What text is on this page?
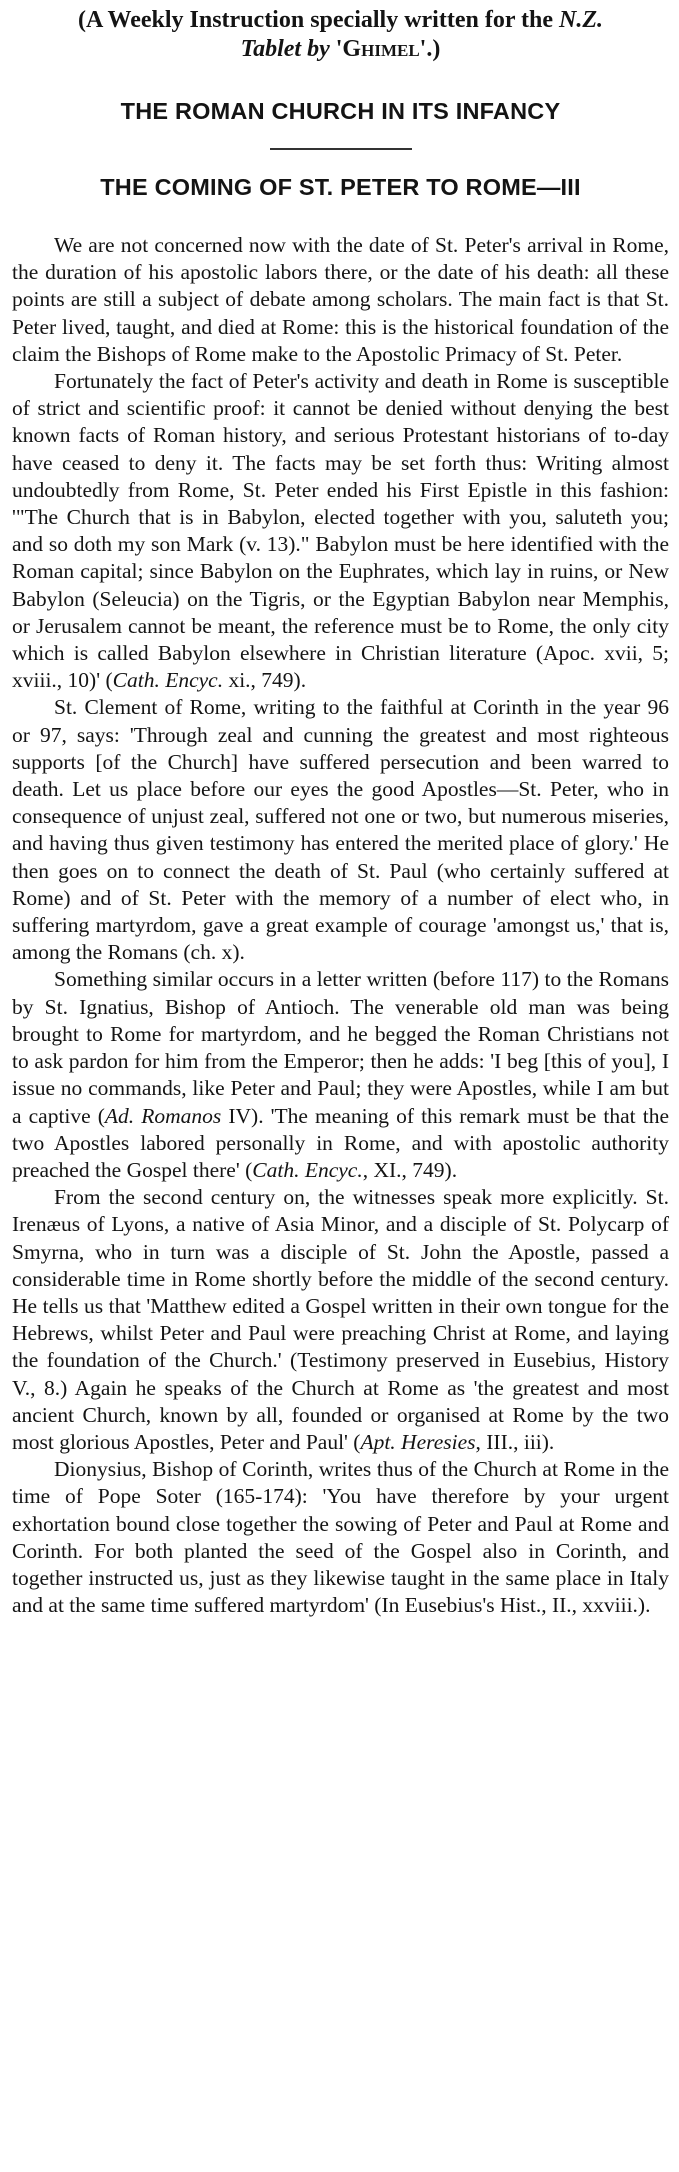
(A Weekly Instruction specially written for the N.Z.
Tablet by 'Ghimel'.)

THE ROMAN CHURCH IN ITS INFANCY
THE COMING OF ST. PETER TO ROME—III

We are not concerned now with the date of St. Peter's arrival in Rome, the duration of his apostolic labors there, or the date of his death: all these points are still a subject of debate among scholars. The main fact is that St. Peter lived, taught, and died at Rome: this is the historical foundation of the claim the Bishops of Rome make to the Apostolic Primacy of St. Peter.

Fortunately the fact of Peter's activity and death in Rome is susceptible of strict and scientific proof: it cannot be denied without denying the best known facts of Roman history, and serious Protestant historians of to-day have ceased to deny it. The facts may be set forth thus: Writing almost undoubtedly from Rome, St. Peter ended his First Epistle in this fashion: '"The Church that is in Babylon, elected together with you, saluteth you; and so doth my son Mark (v. 13)." Babylon must be here identified with the Roman capital; since Babylon on the Euphrates, which lay in ruins, or New Babylon (Seleucia) on the Tigris, or the Egyptian Babylon near Memphis, or Jerusalem cannot be meant, the reference must be to Rome, the only city which is called Babylon elsewhere in Christian literature (Apoc. xvii, 5; xviii., 10)' (Cath. Encyc. xi., 749).

St. Clement of Rome, writing to the faithful at Corinth in the year 96 or 97, says: 'Through zeal and cunning the greatest and most righteous supports [of the Church] have suffered persecution and been warred to death. Let us place before our eyes the good Apostles—St. Peter, who in consequence of unjust zeal, suffered not one or two, but numerous miseries, and having thus given testimony has entered the merited place of glory.' He then goes on to connect the death of St. Paul (who certainly suffered at Rome) and of St. Peter with the memory of a number of elect who, in suffering martyrdom, gave a great example of courage 'amongst us,' that is, among the Romans (ch. x).

Something similar occurs in a letter written (before 117) to the Romans by St. Ignatius, Bishop of Antioch. The venerable old man was being brought to Rome for martyrdom, and he begged the Roman Christians not to ask pardon for him from the Emperor; then he adds: 'I beg [this of you], I issue no commands, like Peter and Paul; they were Apostles, while I am but a captive (Ad. Romanos IV). 'The meaning of this remark must be that the two Apostles labored personally in Rome, and with apostolic authority preached the Gospel there' (Cath. Encyc., XI., 749).

From the second century on, the witnesses speak more explicitly. St. Irenæus of Lyons, a native of Asia Minor, and a disciple of St. Polycarp of Smyrna, who in turn was a disciple of St. John the Apostle, passed a considerable time in Rome shortly before the middle of the second century. He tells us that 'Matthew edited a Gospel written in their own tongue for the Hebrews, whilst Peter and Paul were preaching Christ at Rome, and laying the foundation of the Church.' (Testimony preserved in Eusebius, History V., 8.) Again he speaks of the Church at Rome as 'the greatest and most ancient Church, known by all, founded or organised at Rome by the two most glorious Apostles, Peter and Paul' (Apt. Heresies, III., iii).

Dionysius, Bishop of Corinth, writes thus of the Church at Rome in the time of Pope Soter (165-174): 'You have therefore by your urgent exhortation bound close together the sowing of Peter and Paul at Rome and Corinth. For both planted the seed of the Gospel also in Corinth, and together instructed us, just as they likewise taught in the same place in Italy and at the same time suffered martyrdom' (In Eusebius's Hist., II., xxviii.).
